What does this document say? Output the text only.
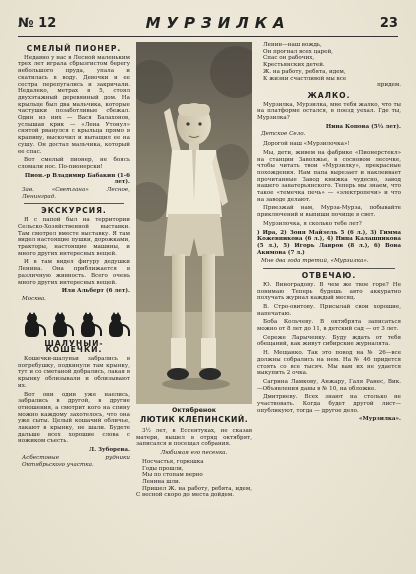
№ 12	МУРЗИЛКА	23
СМЕЛЫЙ ПИОНЕР.

Недавно у нас в Лесной маленьким трех лет играла сбрызгистом берегу небольшого пруда, упала и скатилась в воду. Девочки и ее сестра перепугались и закричали. Недалеко, метрах в 5, стоял двухэтажный деревянный дом. На крыльце был два мальчика, которые частушки позаботливые сбежал. Один из них — Вася Балахонов, услышав крик — «Лена Утонул» снятой рванулся с крыльца прямо в крапиву, выскочил и вытащил ее на сушу. Он достал мальчика, который ее спас.

Вот смелый пионер, не боясь сломали нос. По-пионерски!

Пион.-р Владимир Бабакин (1-6 лет).

Зав. «Светлана» Лесное, Ленинград.

ЭКСКУРСИЯ.

Я с папой был на территории Сельско-Хозяйственной выставки. Там смотрел вместе выставку. Я там видел настоящие пушки, дорожками, тракторы, настоящие машины, и много других интересных вещей.

И в там видел фигуру дедушки Ленина. Она приближается в различную живность. Всего очень много других интересных вещей.

Иля Альберт (6 лет).

Москва.

ШАЛУНЫИ-КОШЕЧКИ.

Кошечки-шалуньи забрались в погребушку, подкинули там крынку, тут и со сметаной добрались, лакая в крынку облизывали и облизывают их.

Вот они один уже наелись, забрались в другой, в другие отношения, а смотрит кого на спину можно каждому захотелось, что она уже сыты. Целый кошачий обличье, лакают в крынку, не шали. Будете дальше всех хорошие слова с ножиком съесть.

Л. Зуборева.

Асбестовые рудники Октябрьского участка.

Октябренок
ЛЮТИК КЛЕПИНСКИЙ.

3½ лет, в Ессентуках, не сказав матери, вышел в отряд октябрят, записался и посещал собрания.

Любимая его песенка.

Носчастья, горюшка

Годы прошли,

Мы по стопам верно

Ленина шли.

Пришел Ж. на работу, ребята, идем, С весной скоро до места дойдем.

Ленин—наш вождь,

Он прогнал всех царей,

Спас он рабочих,

Крестьянских детей.

Ж. на работу, ребята, идем,

К жизни счастливой мы все

придем.

ЖАЛКО.

Мурзилка, Мурзилка, мне тебя жалко, что ты на платформе остался, в поезд уехал. Где ты, Мурзилка?

Нина Копова (5½ лет).

Детское Село.

Дорогой наш «Мурзилочка»!

Мы, дети, живем на фабрике «Пионерстекл» на станции Заволжье, в сосновом лесочке, чтобы читать твои «Мурзилку», прекрасные похождения. Нам папа вырезает и наклеивает прочитанные Завод книжка чудесно, завод нашего заватерьянского. Теперь мы знаем, что такое «темечка печь» — «электропечи» и что на заводе делают.

Приезжай нам, Мурза-Мурза, побывайте приключений и выпиши почище в свет.

Мурзилочка, я сколько тебе лет?

) Ира, 2) Зоня Майзель 5 (6 л.), 3) Гимма Кожевникова (6 л.), 4) Нина Калашникова (5 л.), 5) Игорь Лавров (8 л.), 6) Вова Акимова (7 л.)

Мне два года третий, «Мурзилка».

ОТВЕЧАЮ.

Ю. Виноградову. В чем же твое горе? Не понимаю Теперь будешь авто аккуратно получать журнал каждый месяц.

В. Стро-овитову. Присылай свои хорошие, напечатаю.

Боба Кольчеву. В октябрята записаться можно от 8 лет до 11, в детский сад — от 3 лет.

Сереже Ларыченку. Буду ждать от тебя обещаний, как живут сибирские журналята.

Н. Мещанко. Так это повод на № 26—все должны собрались на нем. На № 46 придется стоять со все тысяч. Мы вам их не удается выкупить 2 очка.

Сагрина Ламкову, Анжару, Галя Ранес, Вик.—Объявления даны в № 10, на обложке.

Дмитриеву. Всех знают на столько не участвовать. Когда будет другой лист—опубликуют, тогда — другое дело.

«Мурзилка».
